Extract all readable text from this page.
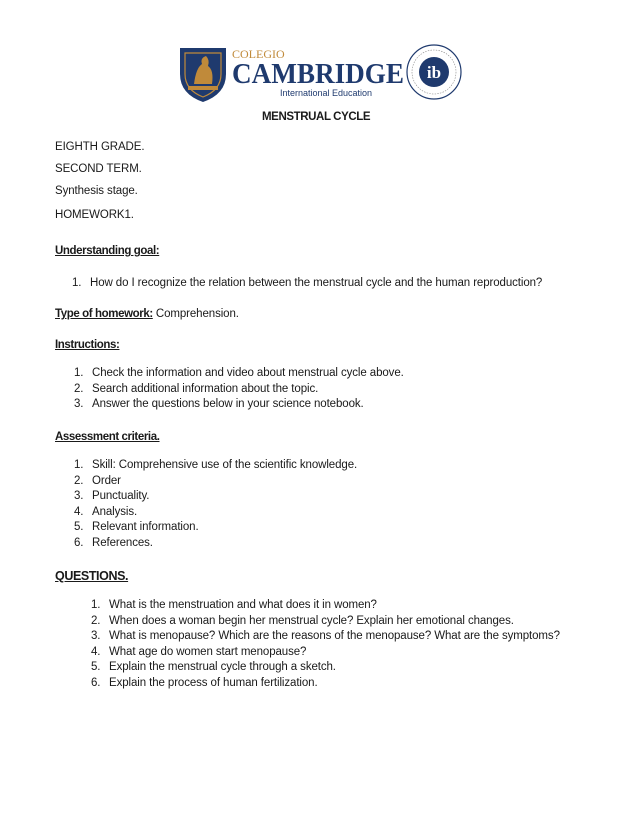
COLEGIO
CAMBRIDGE
International Education
ib
MENSTRUAL CYCLE
EIGHTH GRADE.
SECOND TERM.
Synthesis stage.
HOMEWORK1.
Understanding goal:
1. How do I recognize the relation between the menstrual cycle and the human reproduction?
Type of homework: Comprehension.
Instructions:
1. Check the information and video about menstrual cycle above.
2. Search additional information about the topic.
3. Answer the questions below in your science notebook.
Assessment criteria.
1. Skill: Comprehensive use of the scientific knowledge.
2. Order
3. Punctuality.
4. Analysis.
5. Relevant information.
6. References.
QUESTIONS.
1. What is the menstruation and what does it in women?
2. When does a woman begin her menstrual cycle? Explain her emotional changes.
3. What is menopause? Which are the reasons of the menopause? What are the symptoms?
4. What age do women start menopause?
5. Explain the menstrual cycle through a sketch.
6. Explain the process of human fertilization.
